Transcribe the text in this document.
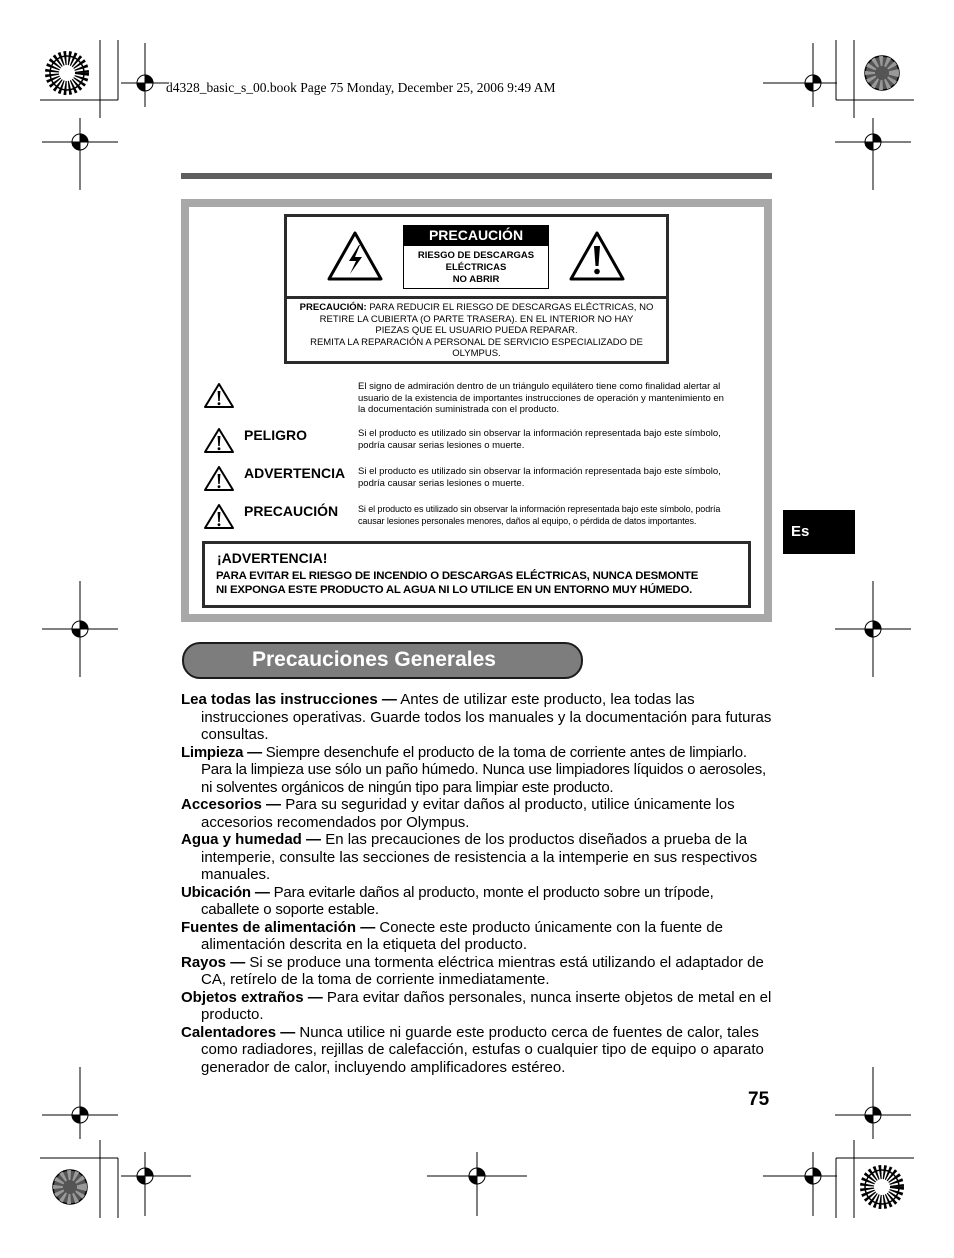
d4328_basic_s_00.book Page 75 Monday, December 25, 2006 9:49 AM
PRECAUCIÓN
RIESGO DE DESCARGAS
ELÉCTRICAS
NO ABRIR
PRECAUCIÓN: PARA REDUCIR EL RIESGO DE DESCARGAS ELÉCTRICAS, NO
RETIRE LA CUBIERTA (O PARTE TRASERA). EN EL INTERIOR NO HAY
PIEZAS QUE EL USUARIO PUEDA REPARAR.
REMITA LA REPARACIÓN A PERSONAL DE SERVICIO ESPECIALIZADO DE
OLYMPUS.
El signo de admiración dentro de un triángulo equilátero tiene como finalidad alertar al
usuario de la existencia de importantes instrucciones de operación y mantenimiento en
la documentación suministrada con el producto.
PELIGRO	Si el producto es utilizado sin observar la información representada bajo este símbolo,
podría causar serias lesiones o muerte.
ADVERTENCIA Si el producto es utilizado sin observar la información representada bajo este símbolo,
podría causar serias lesiones o muerte.
PRECAUCIÓN Si el producto es utilizado sin observar la información representada bajo este símbolo, podría
causar lesiones personales menores, daños al equipo, o pérdida de datos importantes.
¡ADVERTENCIA!
PARA EVITAR EL RIESGO DE INCENDIO O DESCARGAS ELÉCTRICAS, NUNCA DESMONTE
NI EXPONGA ESTE PRODUCTO AL AGUA NI LO UTILICE EN UN ENTORNO MUY HÚMEDO.
Es
Precauciones Generales

Lea todas las instrucciones — Antes de utilizar este producto, lea todas las instrucciones operativas. Guarde todos los manuales y la documentación para futuras consultas.

Limpieza — Siempre desenchufe el producto de la toma de corriente antes de limpiarlo. Para la limpieza use sólo un paño húmedo. Nunca use limpiadores líquidos o aerosoles, ni solventes orgánicos de ningún tipo para limpiar este producto.

Accesorios — Para su seguridad y evitar daños al producto, utilice únicamente los accesorios recomendados por Olympus.

Agua y humedad — En las precauciones de los productos diseñados a prueba de la intemperie, consulte las secciones de resistencia a la intemperie en sus respectivos manuales.

Ubicación — Para evitarle daños al producto, monte el producto sobre un trípode, caballete o soporte estable.

Fuentes de alimentación — Conecte este producto únicamente con la fuente de alimentación descrita en la etiqueta del producto.

Rayos — Si se produce una tormenta eléctrica mientras está utilizando el adaptador de CA, retírelo de la toma de corriente inmediatamente.

Objetos extraños — Para evitar daños personales, nunca inserte objetos de metal en el producto.

Calentadores — Nunca utilice ni guarde este producto cerca de fuentes de calor, tales como radiadores, rejillas de calefacción, estufas o cualquier tipo de equipo o aparato generador de calor, incluyendo amplificadores estéreo.

75
